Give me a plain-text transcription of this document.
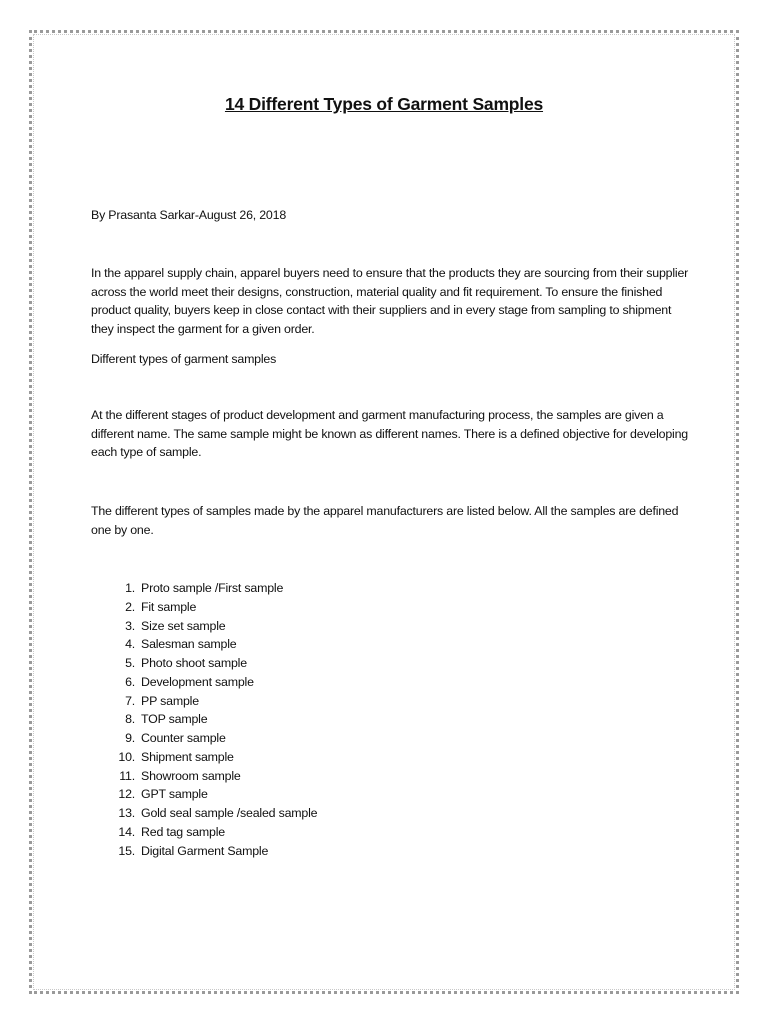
14 Different Types of Garment Samples
By Prasanta Sarkar-August 26, 2018
In the apparel supply chain, apparel buyers need to ensure that the products they are sourcing from their supplier across the world meet their designs, construction, material quality and fit requirement. To ensure the finished product quality, buyers keep in close contact with their suppliers and in every stage from sampling to shipment they inspect the garment for a given order.
Different types of garment samples
At the different stages of product development and garment manufacturing process, the samples are given a different name. The same sample might be known as different names. There is a defined objective for developing each type of sample.
The different types of samples made by the apparel manufacturers are listed below. All the samples are defined one by one.
1. Proto sample /First sample
2. Fit sample
3. Size set sample
4. Salesman sample
5. Photo shoot sample
6. Development sample
7. PP sample
8. TOP sample
9. Counter sample
10. Shipment sample
11. Showroom sample
12. GPT sample
13. Gold seal sample /sealed sample
14. Red tag sample
15. Digital Garment Sample
